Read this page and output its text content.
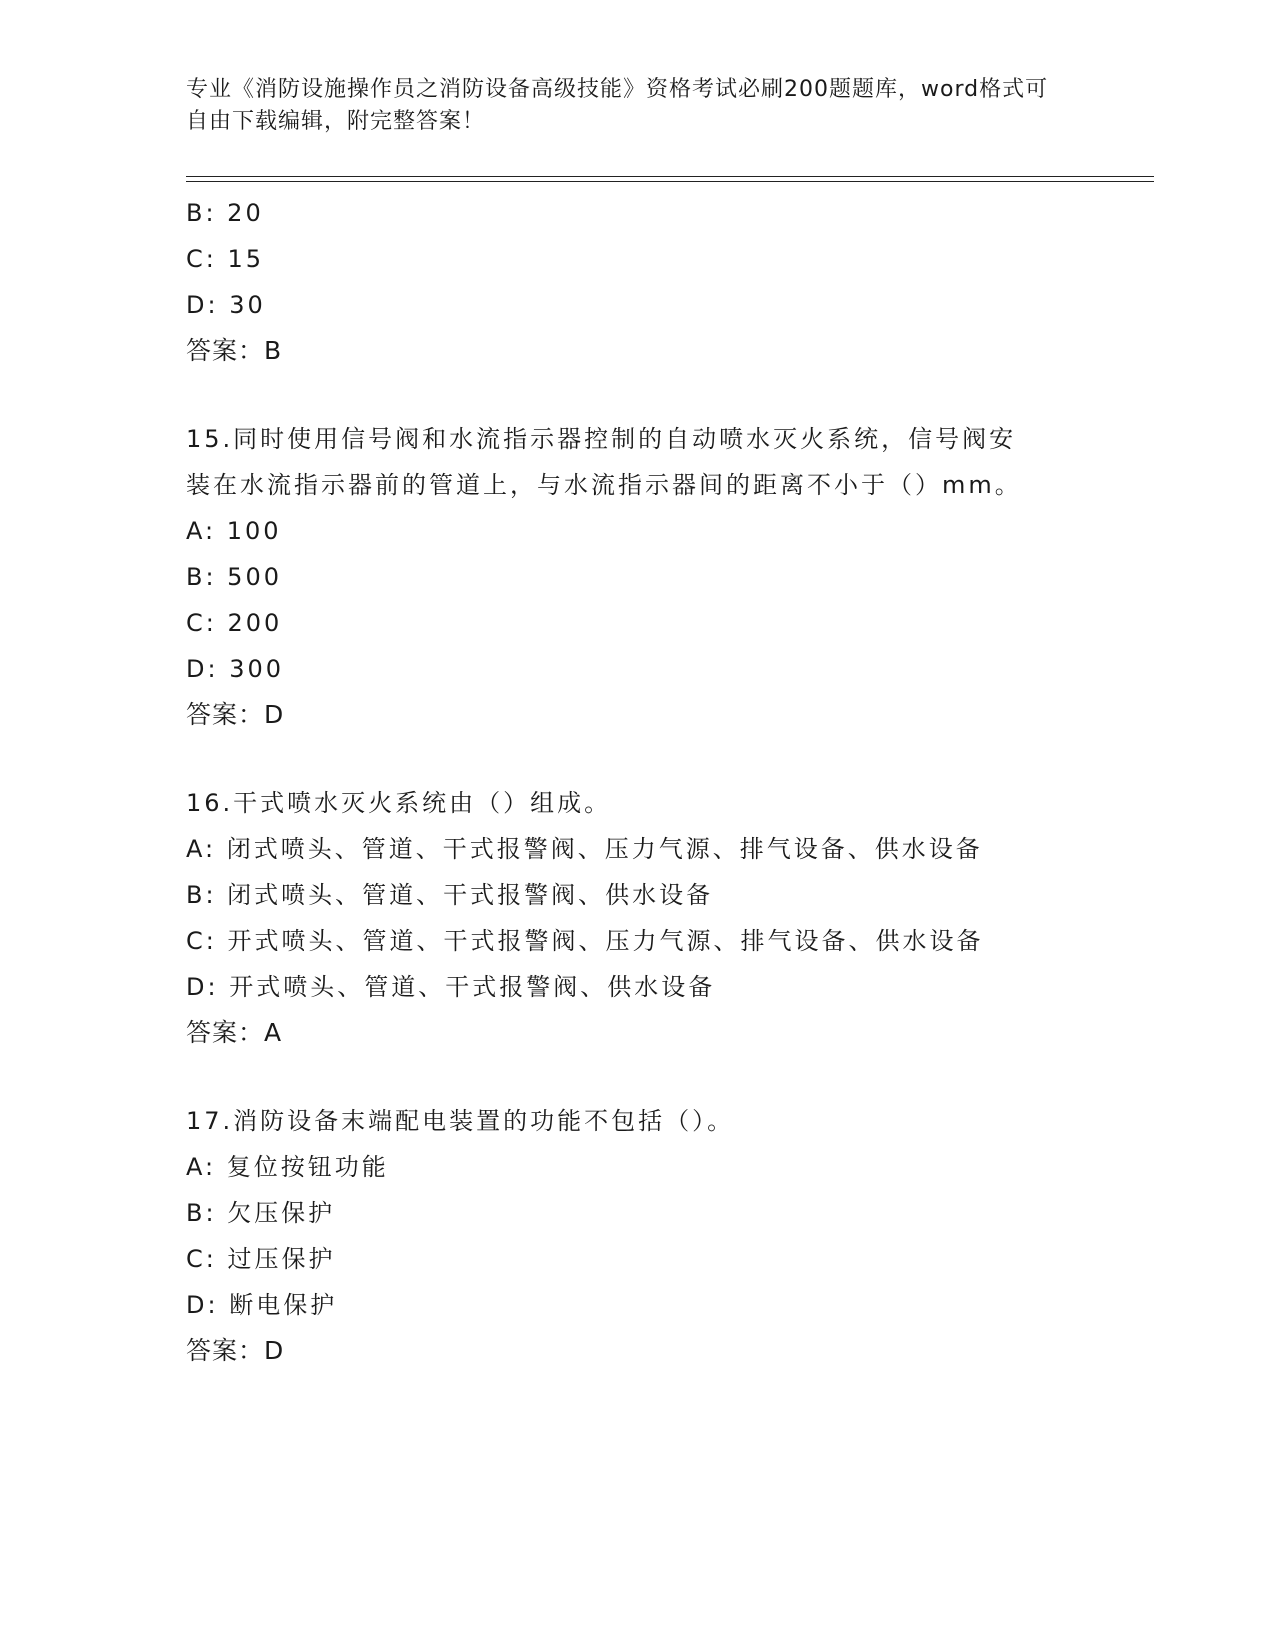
专业《消防设施操作员之消防设备高级技能》资格考试必刷200题题库，word格式可自由下载编辑，附完整答案！
B: 20
C: 15
D: 30
答案：B
15.同时使用信号阀和水流指示器控制的自动喷水灭火系统，信号阀安
装在水流指示器前的管道上，与水流指示器间的距离不小于（）mm。
A: 100
B: 500
C: 200
D: 300
答案：D
16.干式喷水灭火系统由（）组成。
A: 闭式喷头、管道、干式报警阀、压力气源、排气设备、供水设备
B: 闭式喷头、管道、干式报警阀、供水设备
C: 开式喷头、管道、干式报警阀、压力气源、排气设备、供水设备
D: 开式喷头、管道、干式报警阀、供水设备
答案：A
17.消防设备末端配电装置的功能不包括（）。
A: 复位按钮功能
B: 欠压保护
C: 过压保护
D: 断电保护
答案：D
